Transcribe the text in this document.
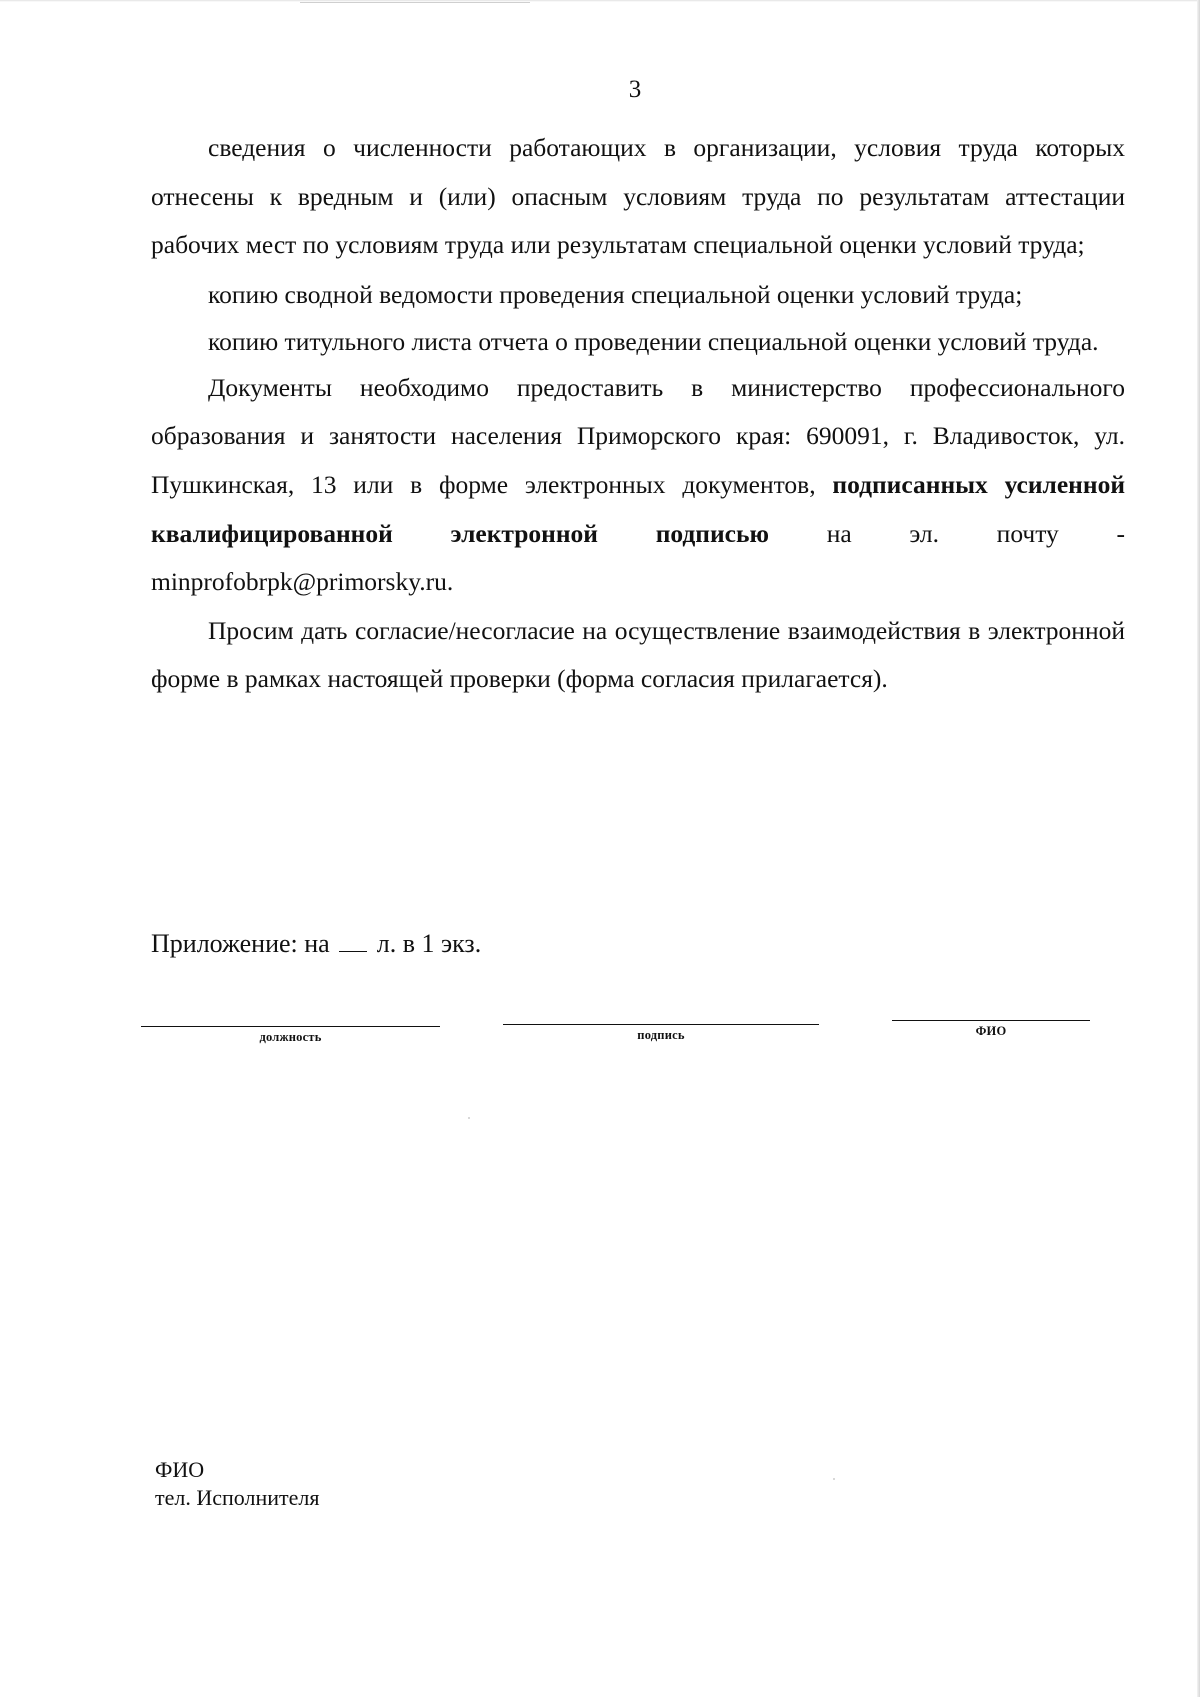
3

сведения о численности работающих в организации, условия труда которых отнесены к вредным и (или) опасным условиям труда по результатам аттестации рабочих мест по условиям труда или результатам специальной оценки условий труда;

копию сводной ведомости проведения специальной оценки условий труда;

копию титульного листа отчета о проведении специальной оценки условий труда.

Документы необходимо предоставить в министерство профессионального образования и занятости населения Приморского края: 690091, г. Владивосток, ул. Пушкинская, 13 или в форме электронных документов, подписанных усиленной квалифицированной электронной подписью на эл. почту - minprofobrpk@primorsky.ru.

Просим дать согласие/несогласие на осуществление взаимодействия в электронной форме в рамках настоящей проверки (форма согласия прилагается).

Приложение: на л. в 1 экз.
должность	подпись	ФИО
ФИО
тел. Исполнителя
